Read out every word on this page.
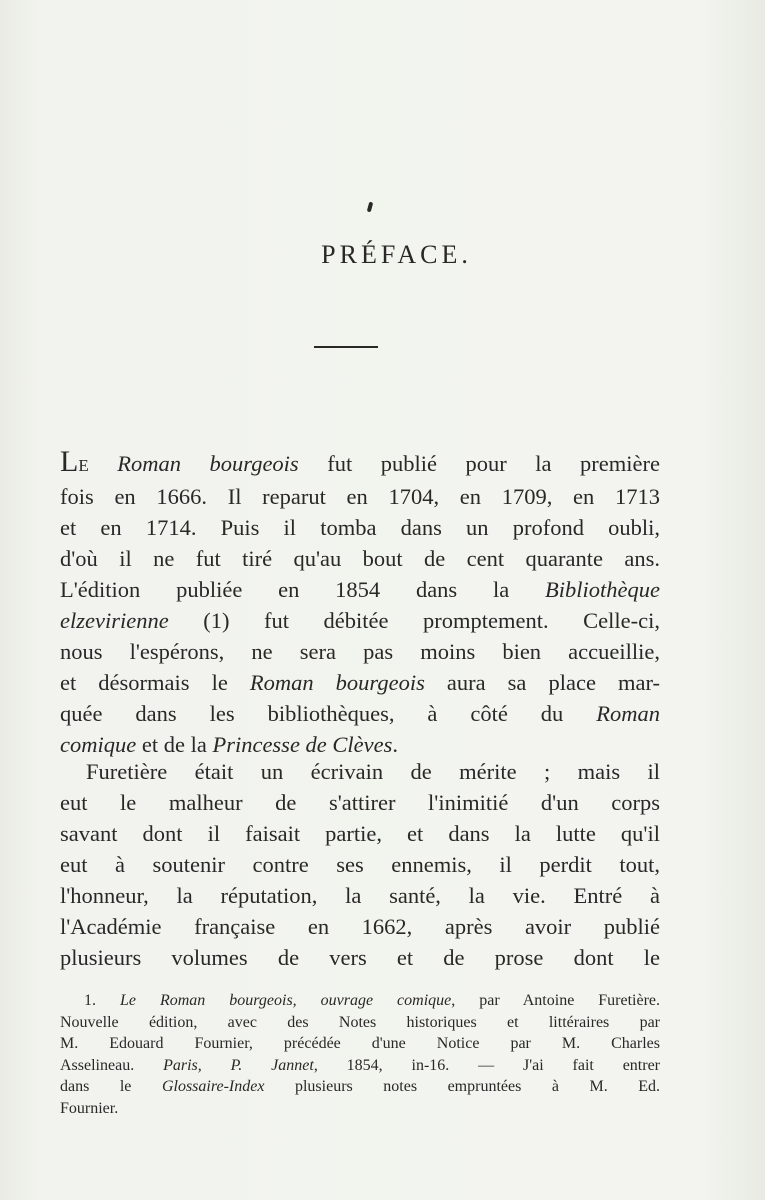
PRÉFACE.
LE Roman bourgeois fut publié pour la première
fois en 1666. Il reparut en 1704, en 1709, en 1713
et en 1714. Puis il tomba dans un profond oubli,
d'où il ne fut tiré qu'au bout de cent quarante ans.
L'édition publiée en 1854 dans la Bibliothèque
elzevirienne (1) fut débitée promptement. Celle-ci,
nous l'espérons, ne sera pas moins bien accueillie,
et désormais le Roman bourgeois aura sa place mar-
quée dans les bibliothèques, à côté du Roman
comique et de la Princesse de Clèves.
Furetière était un écrivain de mérite ; mais il
eut le malheur de s'attirer l'inimitié d'un corps
savant dont il faisait partie, et dans la lutte qu'il
eut à soutenir contre ses ennemis, il perdit tout,
l'honneur, la réputation, la santé, la vie. Entré à
l'Académie française en 1662, après avoir publié
plusieurs volumes de vers et de prose dont le
1. Le Roman bourgeois, ouvrage comique, par Antoine Furetière.
Nouvelle édition, avec des Notes historiques et littéraires par
M. Edouard Fournier, précédée d'une Notice par M. Charles
Asselineau. Paris, P. Jannet, 1854, in-16. — J'ai fait entrer
dans le Glossaire-Index plusieurs notes empruntées à M. Ed.
Fournier.
